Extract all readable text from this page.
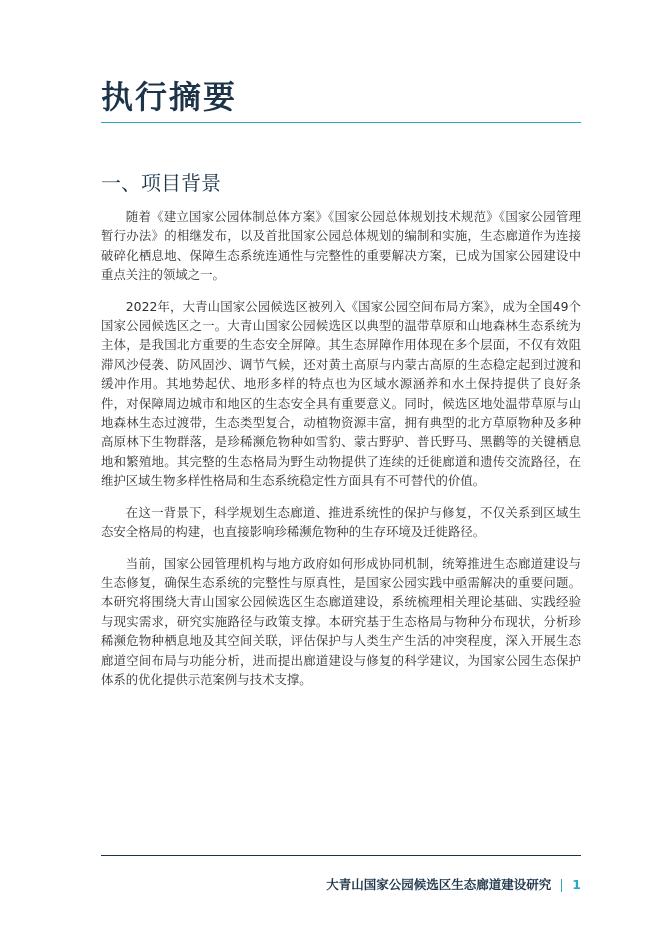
执行摘要
一、项目背景

随着《建立国家公园体制总体方案》《国家公园总体规划技术规范》《国家公园管理暂行办法》的相继发布，以及首批国家公园总体规划的编制和实施，生态廊道作为连接破碎化栖息地、保障生态系统连通性与完整性的重要解决方案，已成为国家公园建设中重点关注的领域之一。

2022年，大青山国家公园候选区被列入《国家公园空间布局方案》，成为全国49个国家公园候选区之一。大青山国家公园候选区以典型的温带草原和山地森林生态系统为主体，是我国北方重要的生态安全屏障。其生态屏障作用体现在多个层面，不仅有效阻滞风沙侵袭、防风固沙、调节气候，还对黄土高原与内蒙古高原的生态稳定起到过渡和缓冲作用。其地势起伏、地形多样的特点也为区域水源涵养和水土保持提供了良好条件，对保障周边城市和地区的生态安全具有重要意义。同时，候选区地处温带草原与山地森林生态过渡带，生态类型复合，动植物资源丰富，拥有典型的北方草原物种及多种高原林下生物群落，是珍稀濒危物种如雪豹、蒙古野驴、普氏野马、黑鹳等的关键栖息地和繁殖地。其完整的生态格局为野生动物提供了连续的迁徙廊道和遗传交流路径，在维护区域生物多样性格局和生态系统稳定性方面具有不可替代的价值。

在这一背景下，科学规划生态廊道、推进系统性的保护与修复，不仅关系到区域生态安全格局的构建，也直接影响珍稀濒危物种的生存环境及迁徙路径。

当前，国家公园管理机构与地方政府如何形成协同机制，统筹推进生态廊道建设与生态修复，确保生态系统的完整性与原真性，是国家公园实践中亟需解决的重要问题。本研究将围绕大青山国家公园候选区生态廊道建设，系统梳理相关理论基础、实践经验与现实需求，研究实施路径与政策支撑。本研究基于生态格局与物种分布现状，分析珍稀濒危物种栖息地及其空间关联，评估保护与人类生产生活的冲突程度，深入开展生态廊道空间布局与功能分析，进而提出廊道建设与修复的科学建议，为国家公园生态保护体系的优化提供示范案例与技术支撑。

大青山国家公园候选区生态廊道建设研究 1
